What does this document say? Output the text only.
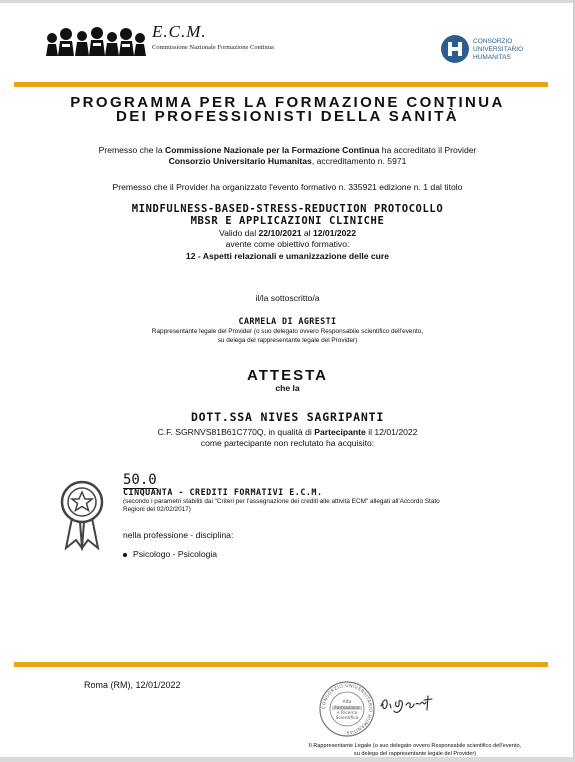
E.C.M.
Commissione Nazionale Formazione Continua
CONSORZIO
UNIVERSITARIO
HUMANITAS
PROGRAMMA PER LA FORMAZIONE CONTINUA
DEI PROFESSIONISTI DELLA SANITÀ
Premesso che la Commissione Nazionale per la Formazione Continua ha accreditato il Provider
Consorzio Universitario Humanitas, accreditamento n. 5971
Premesso che il Provider ha organizzato l'evento formativo n. 335921 edizione n. 1 dal titolo
MINDFULNESS-BASED-STRESS-REDUCTION PROTOCOLLO
MBSR E APPLICAZIONI CLINICHE
Valido dal 22/10/2021 al 12/01/2022
avente come obiettivo formativo:
12 - Aspetti relazionali e umanizzazione delle cure
il/la sottoscritto/a
CARMELA DI AGRESTI
Rappresentante legale del Provider (o suo delegato ovvero Responsabile scientifico dell'evento,
su delega del rappresentante legale del Provider)
ATTESTA
che la
DOTT.SSA NIVES SAGRIPANTI
C.F. SGRNVS81B61C770Q, in qualità di Partecipante il 12/01/2022
come partecipante non reclutato ha acquisito:
50.0
CINQUANTA - CREDITI FORMATIVI E.C.M.
(secondo i parametri stabiliti dai "Criteri per l'assegnazione dei crediti alle attività ECM" allegati all'Accordo Stato
Regioni del 02/02/2017)
nella professione - disciplina:
Psicologo - Psicologia
Roma (RM), 12/01/2022
CONSORZIO UNIVERSITARIO HUMANITAS
Alta
Formazione
e Ricerca
Scientifica
Il Rappresentante Legale (o suo delegato ovvero Responsabile scientifico dell'evento,
su delega del rappresentante legale del Provider)
